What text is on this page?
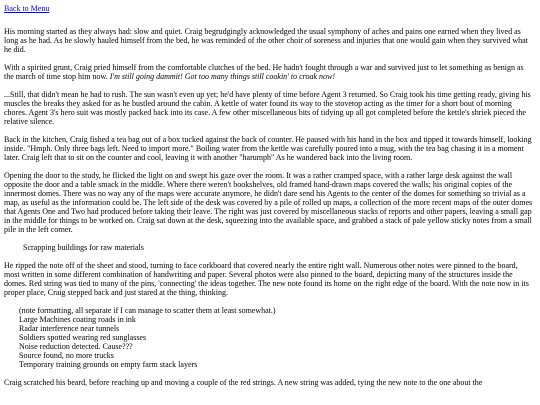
Back to Menu

His morning started as they always had: slow and quiet. Craig begrudgingly acknowledged the usual symphony of aches and pains one earned when they lived as long as he had. As he slowly hauled himself from the bed, he was reminded of the other choir of soreness and injuries that one would gain when they survived what he did.

With a spirited grunt, Craig pried himself from the comfortable clutches of the bed. He hadn't fought through a war and survived just to let something as benign as the march of time stop him now. I'm still going dammit! Got too many things still cookin' to croak now!

...Still, that didn't mean he had to rush. The sun wasn't even up yet; he'd have plenty of time before Agent 3 returned. So Craig took his time getting ready, giving his muscles the breaks they asked for as he bustled around the cabin. A kettle of water found its way to the stovetop acting as the timer for a short bout of morning chores. Agent 3's hero suit was mostly packed back into its case. A few other miscellaneous bits of tidying up all got completed before the kettle's shriek pieced the relative silence.

Back in the kitchen, Craig fished a tea bag out of a box tucked against the back of counter. He paused with his hand in the box and tipped it towards himself, looking inside. "Hmph. Only three bags left. Need to import more." Boiling water from the kettle was carefully poured into a mug, with the tea bag chasing it in a moment later. Craig left that to sit on the counter and cool, leaving it with another "harumph" As he wandered back into the living room.

Opening the door to the study, he flicked the light on and swept his gaze over the room. It was a rather cramped space, with a rather large desk against the wall opposite the door and a table smack in the middle. Where there weren't bookshelves, old framed hand-drawn maps covered the walls; his original copies of the innermost domes. There was no way any of the maps were accurate anymore, he didn't dare send his Agents to the center of the domes for something so trivial as a map, as useful as the information could be. The left side of the desk was covered by a pile of rolled up maps, a collection of the more recent maps of the outer domes that Agents One and Two had produced before taking their leave. The right was just covered by miscellaneous stacks of reports and other papers, leaving a small gap in the middle for things to be worked on. Craig sat down at the desk, squeezing into the available space, and grabbed a stack of pale yellow sticky notes from a small pile in the left corner.

Scrapping buildings for raw materials

He ripped the note off of the sheet and stood, turning to face corkboard that covered nearly the entire right wall. Numerous other notes were pinned to the board, most written in some different combination of handwriting and paper. Several photos were also pinned to the board, depicting many of the structures inside the domes. Red string was tied to many of the pins, 'connecting' the ideas together. The new note found its home on the right edge of the board. With the note now in its proper place, Craig stepped back and just stared at the thing, thinking.

(note formatting, all separate if I can manage to scatter them at least somewhat.)

Large Machines coating roads in ink

Radar interference near tunnels

Soldiers spotted wearing red sunglasses

Noise reduction detected. Cause???

Source found, no more trucks

Temporary training grounds on empty farm stack layers

Craig scratched his beard, before reaching up and moving a couple of the red strings. A new string was added, tying the new note to the one about the
